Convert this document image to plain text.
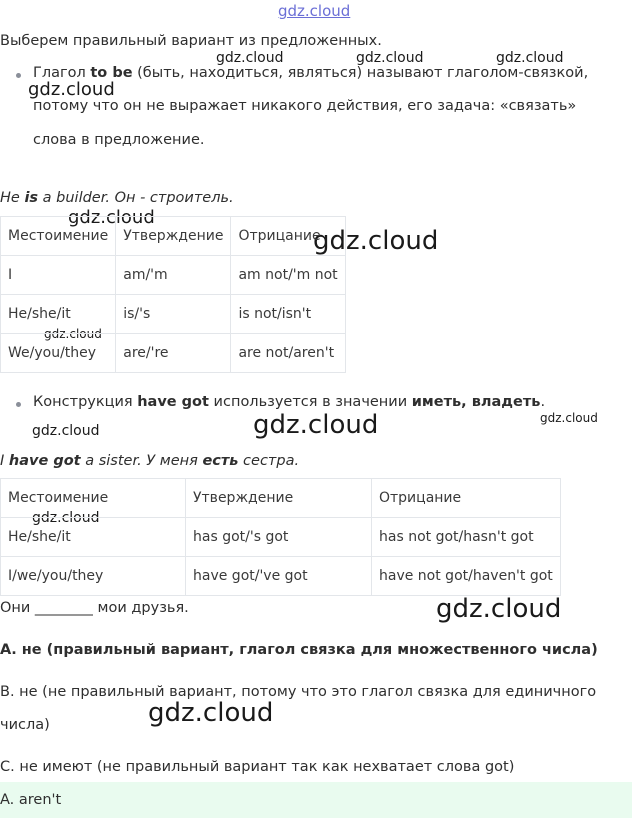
gdz.cloud
gdz.cloud	gdz.cloud	gdz.cloud
gdz.cloud
gdz.cloud
gdz.cloud
gdz.cloud
gdz.cloud	gdz.cloud	gdz.cloud
gdz.cloud
gdz.cloud
gdz.cloud
Выберем правильный вариант из предложенных.
Глагол to be (быть, находиться, являться) называют глаголом-связкой,
потому что он не выражает никакого действия, его задача: «связать»
слова в предложение.
He is a builder. Он - строитель.
Местоимение	Утверждение	Отрицание
I	am/'m	am not/'m not
He/she/it	is/'s	is not/isn't
We/you/they	are/'re	are not/aren't
Конструкция have got используется в значении иметь, владеть.
I have got a sister. У меня есть сестра.
Местоимение	Утверждение	Отрицание
He/she/it	has got/'s got	has not got/hasn't got
I/we/you/they	have got/'ve got	have not got/haven't got
Они ________ мои друзья.
А. не (правильный вариант, глагол связка для множественного числа)
В. не (не правильный вариант, потому что это глагол связка для единичного
числа)
С. не имеют (не правильный вариант так как нехватает слова got)
A. aren't
